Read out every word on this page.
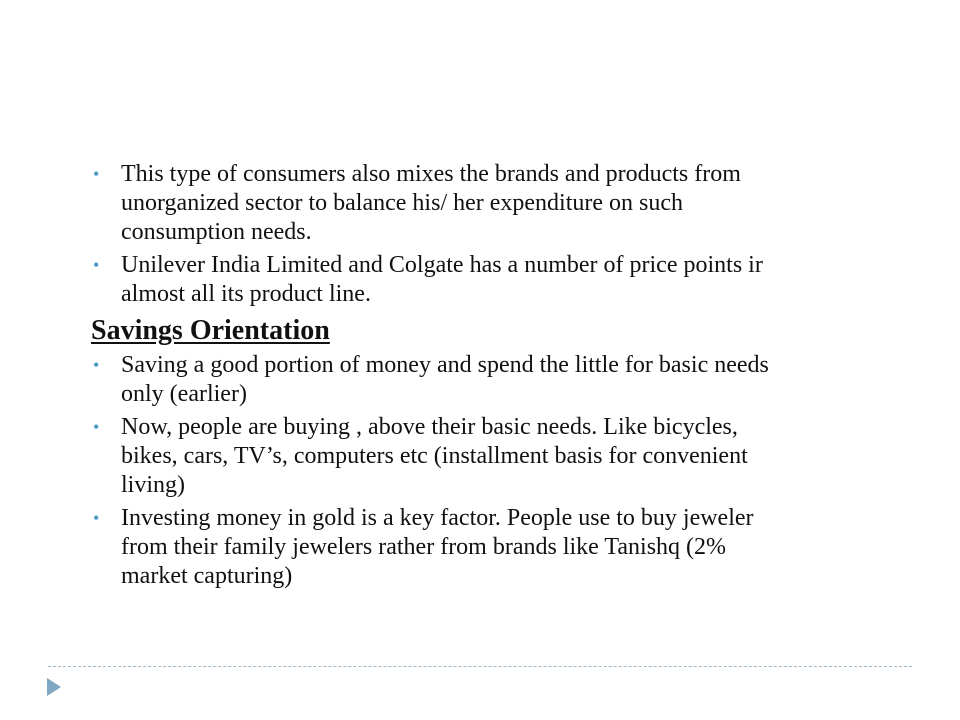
• This type of consumers also mixes the brands and products from
unorganized sector to balance his/ her expenditure on such
consumption needs.
• Unilever India Limited and Colgate has a number of price points ir
almost all its product line.
Savings Orientation
• Saving a good portion of money and spend the little for basic needs
only (earlier)
• Now, people are buying , above their basic needs. Like bicycles,
bikes, cars, TV’s, computers etc (installment basis for convenient
living)
• Investing money in gold is a key factor. People use to buy jeweler
from their family jewelers rather from brands like Tanishq (2%
market capturing)
